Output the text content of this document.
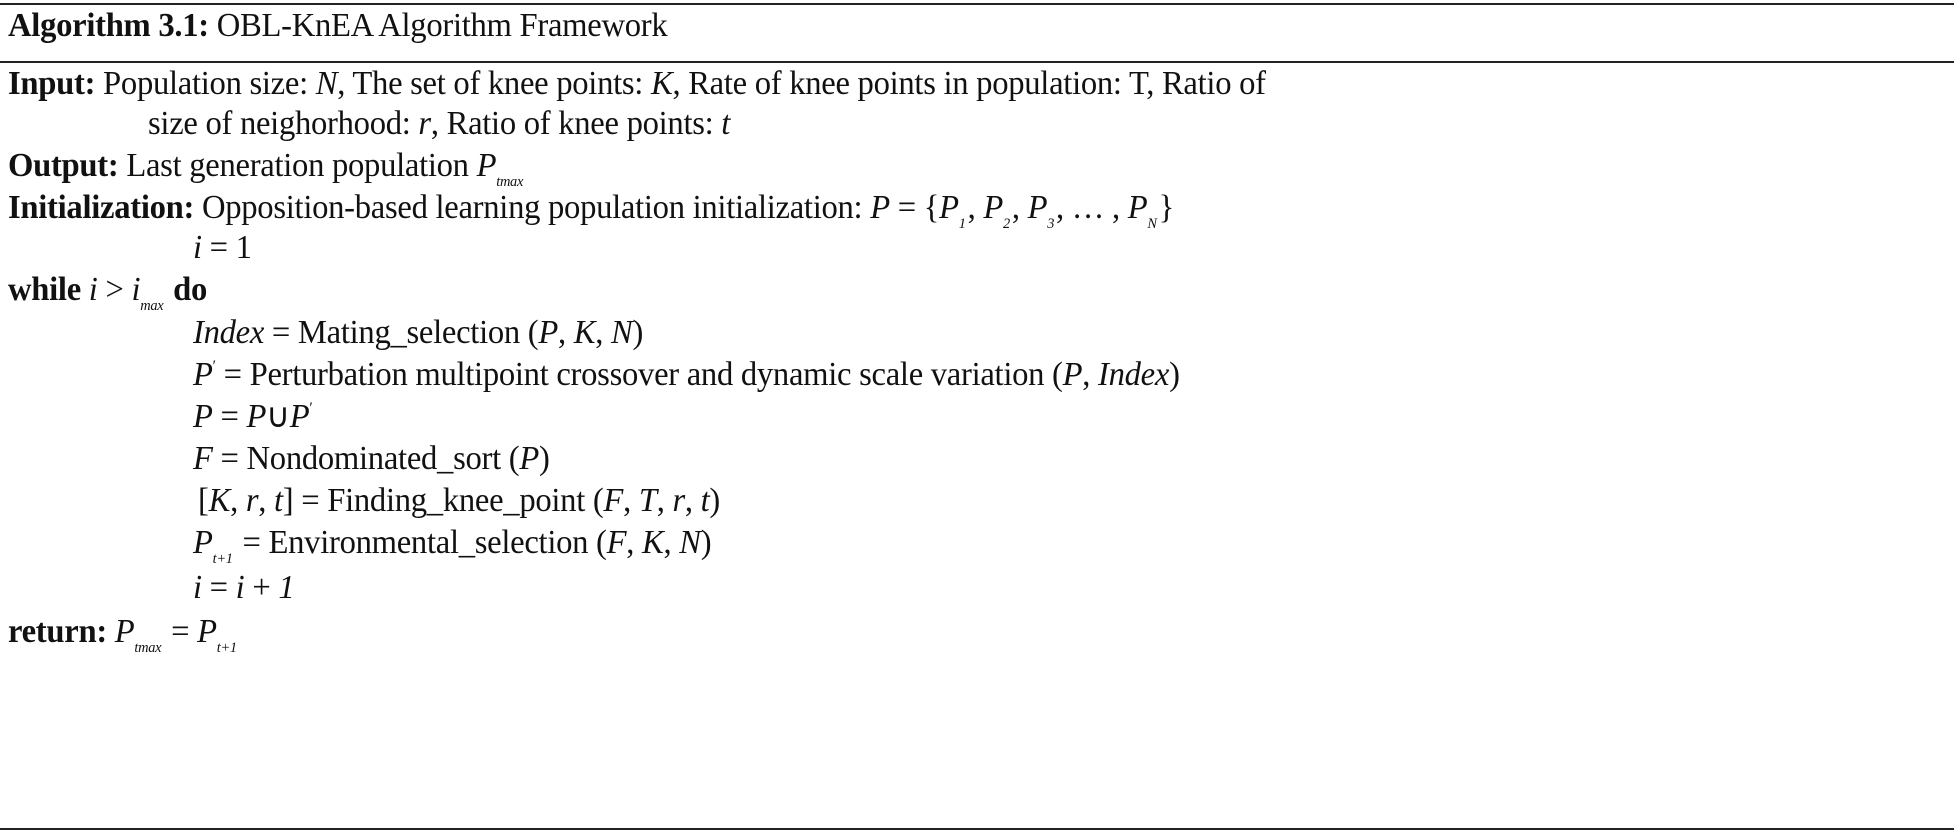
Algorithm 3.1: OBL-KnEA Algorithm Framework
Input: Population size: N, The set of knee points: K, Rate of knee points in population: T, Ratio of
size of neighorhood: r, Ratio of knee points: t
Output: Last generation population $P_{tmax}$
Initialization: Opposition-based learning population initialization: $P = \{P_1$, $P_2$, $P_3$, … , $P_N$}
i = 1
while $i > i_{max}$ do
Index = Mating_selection (P, K, N)
P′ = Perturbation multipoint crossover and dynamic scale variation (P, Index)
P = P∪P′
F = Nondominated_sort (P)
[K, r, t] = Finding_knee_point (F, T, r, t)
$P_{t+1}$ = Environmental_selection (F, K, N)
i = i + 1
return: $P_{tmax} = P_{t+1}$
